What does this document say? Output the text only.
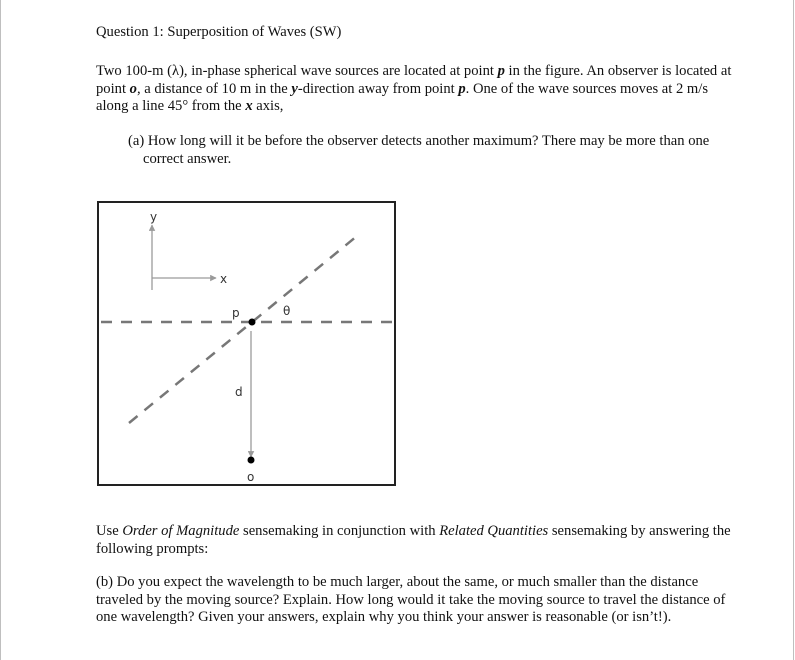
Question 1: Superposition of Waves (SW)

Two 100-m (λ), in-phase spherical wave sources are located at point p in the figure. An observer is located at point o, a distance of 10 m in the y-direction away from point p. One of the wave sources moves at 2 m/s along a line 45° from the x axis,

(a) How long will it be before the observer detects another maximum? There may be more than one correct answer.

y
x
p	θ
d
o

Use Order of Magnitude sensemaking in conjunction with Related Quantities sensemaking by answering the following prompts:

(b) Do you expect the wavelength to be much larger, about the same, or much smaller than the distance traveled by the moving source? Explain. How long would it take the moving source to travel the distance of one wavelength? Given your answers, explain why you think your answer is reasonable (or isn’t!).
